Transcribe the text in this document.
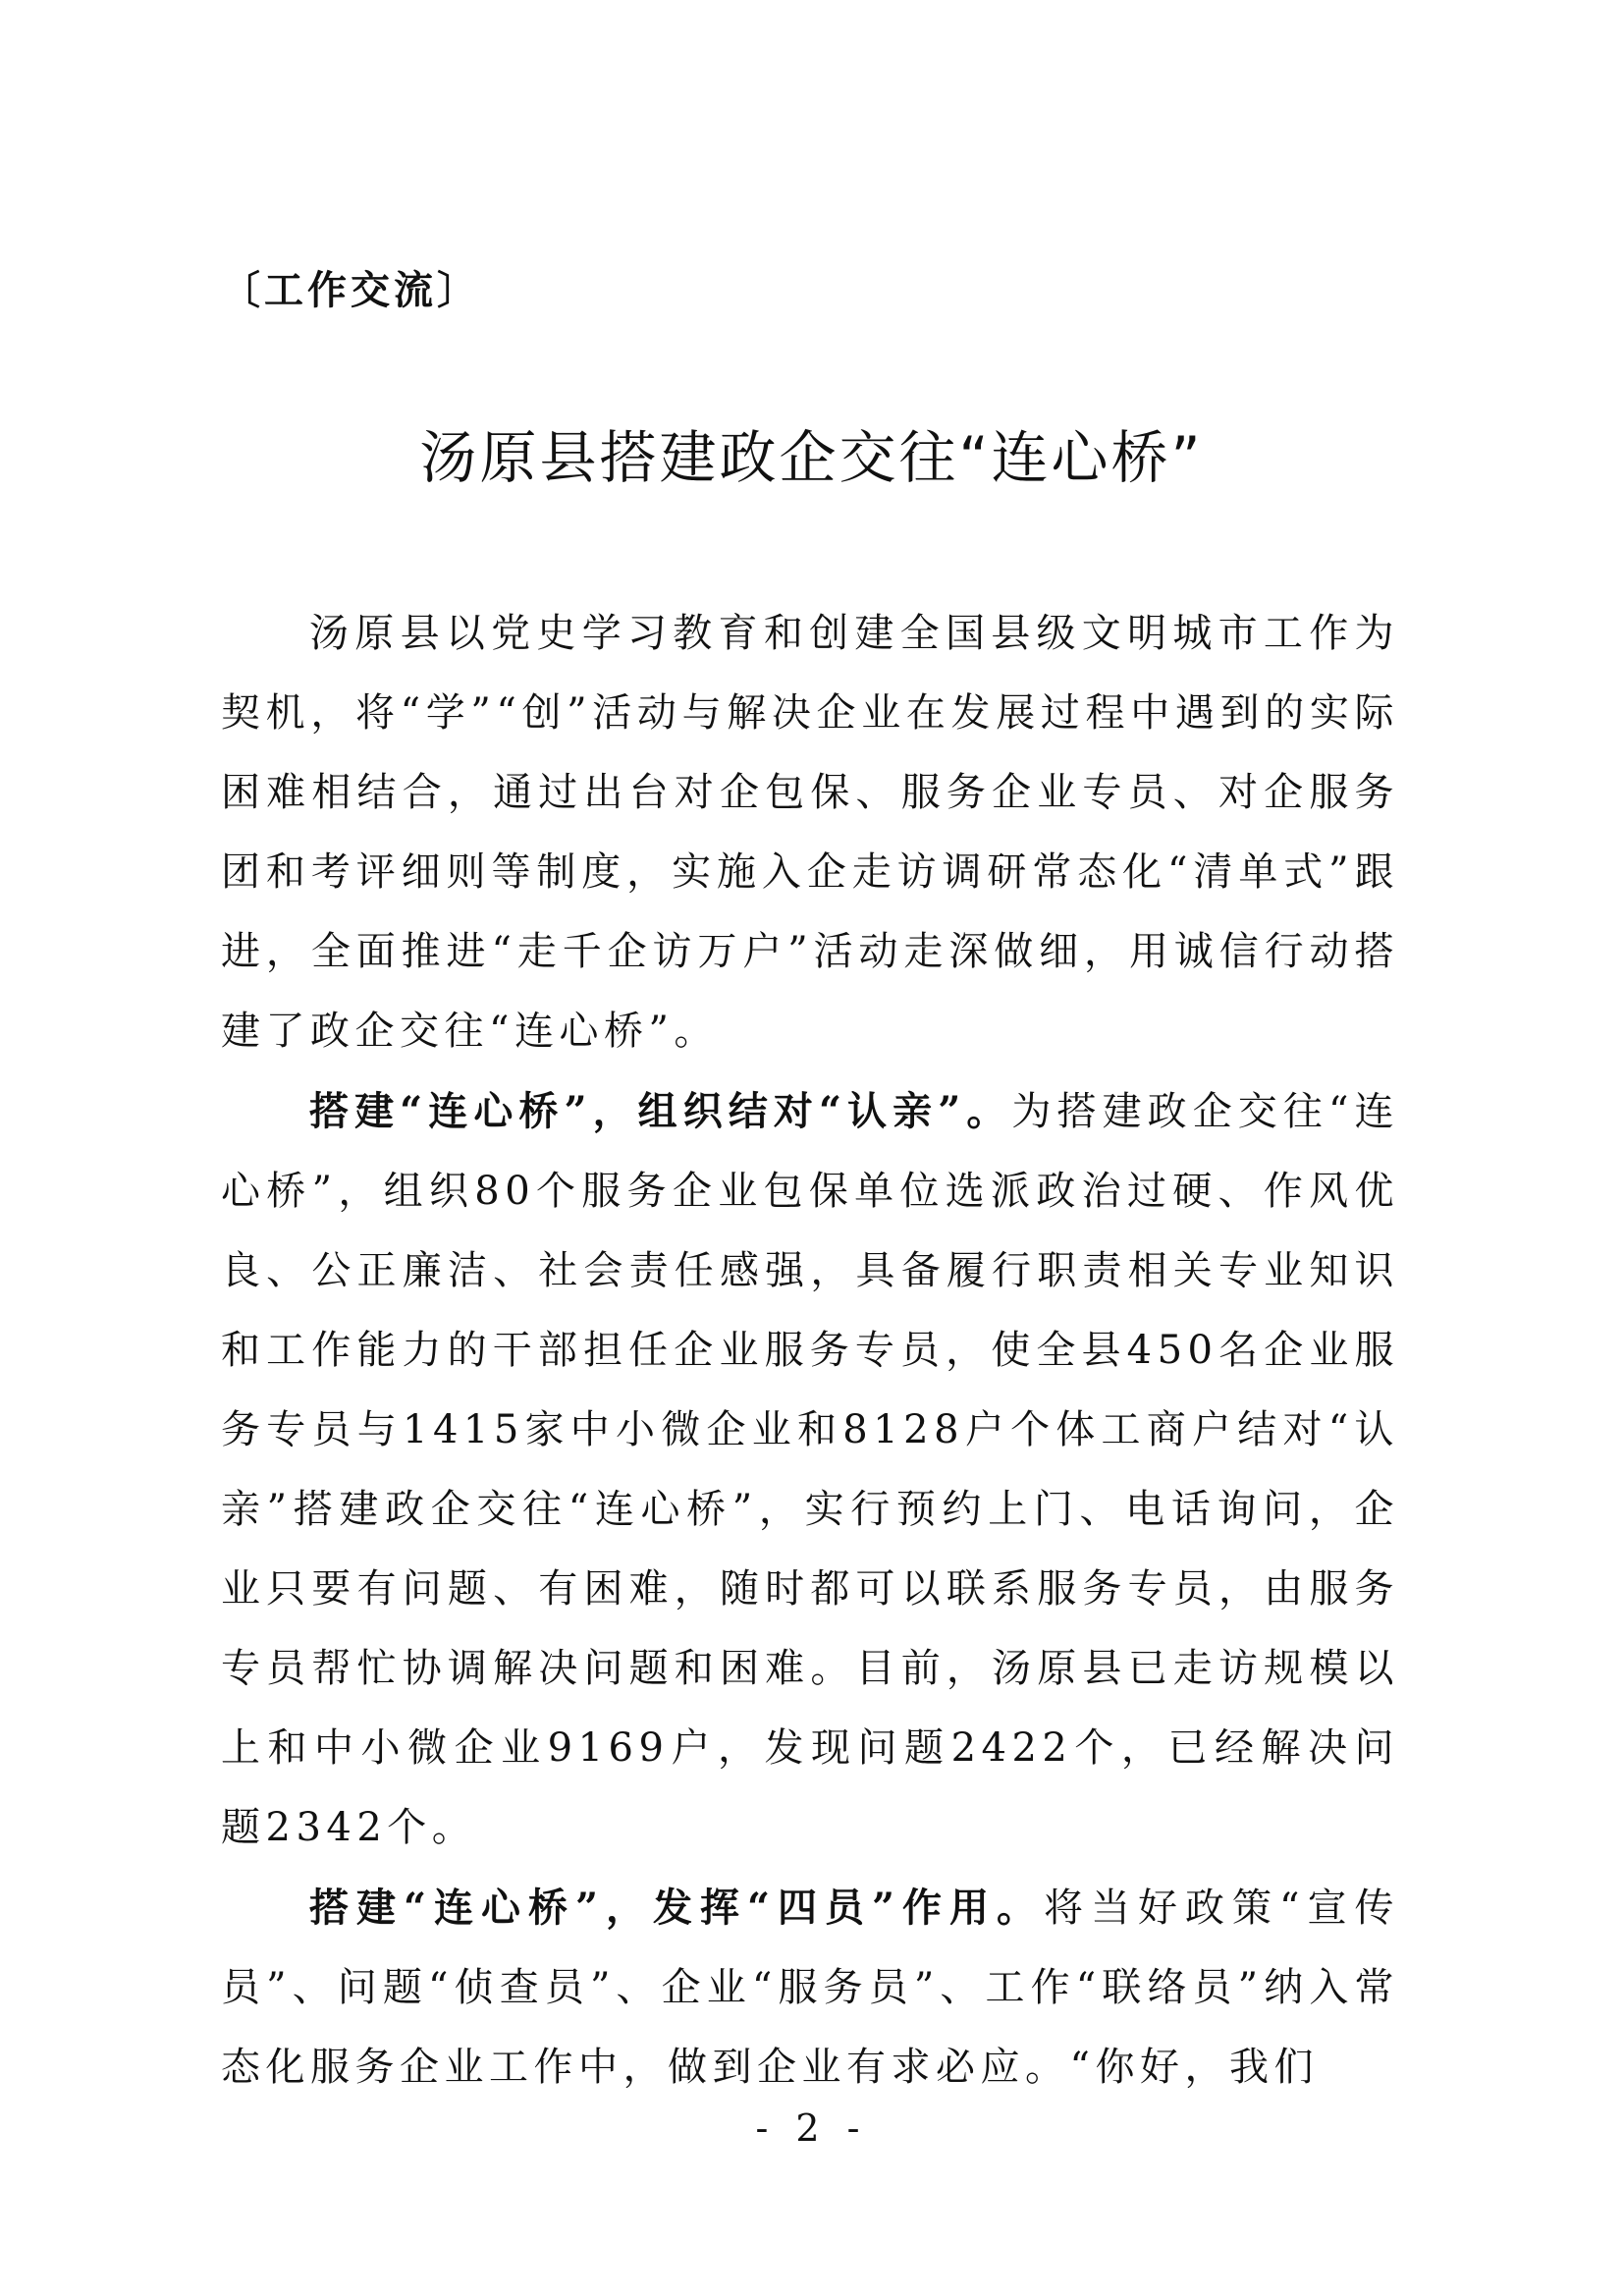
〔工作交流〕
汤原县搭建政企交往“连心桥”

汤原县以党史学习教育和创建全国县级文明城市工作为契机，将“学”“创”活动与解决企业在发展过程中遇到的实际困难相结合，通过出台对企包保、服务企业专员、对企服务团和考评细则等制度，实施入企走访调研常态化“清单式”跟进，全面推进“走千企访万户”活动走深做细，用诚信行动搭建了政企交往“连心桥”。

搭建“连心桥”，组织结对“认亲”。为搭建政企交往“连心桥”，组织80个服务企业包保单位选派政治过硬、作风优良、公正廉洁、社会责任感强，具备履行职责相关专业知识和工作能力的干部担任企业服务专员，使全县450名企业服务专员与1415家中小微企业和8128户个体工商户结对“认亲”搭建政企交往“连心桥”，实行预约上门、电话询问，企业只要有问题、有困难，随时都可以联系服务专员，由服务专员帮忙协调解决问题和困难。目前，汤原县已走访规模以上和中小微企业9169户，发现问题2422个，已经解决问题2342个。

搭建“连心桥”，发挥“四员”作用。将当好政策“宣传员”、问题“侦查员”、企业“服务员”、工作“联络员”纳入常态化服务企业工作中，做到企业有求必应。“你好，我们

- 2 -
